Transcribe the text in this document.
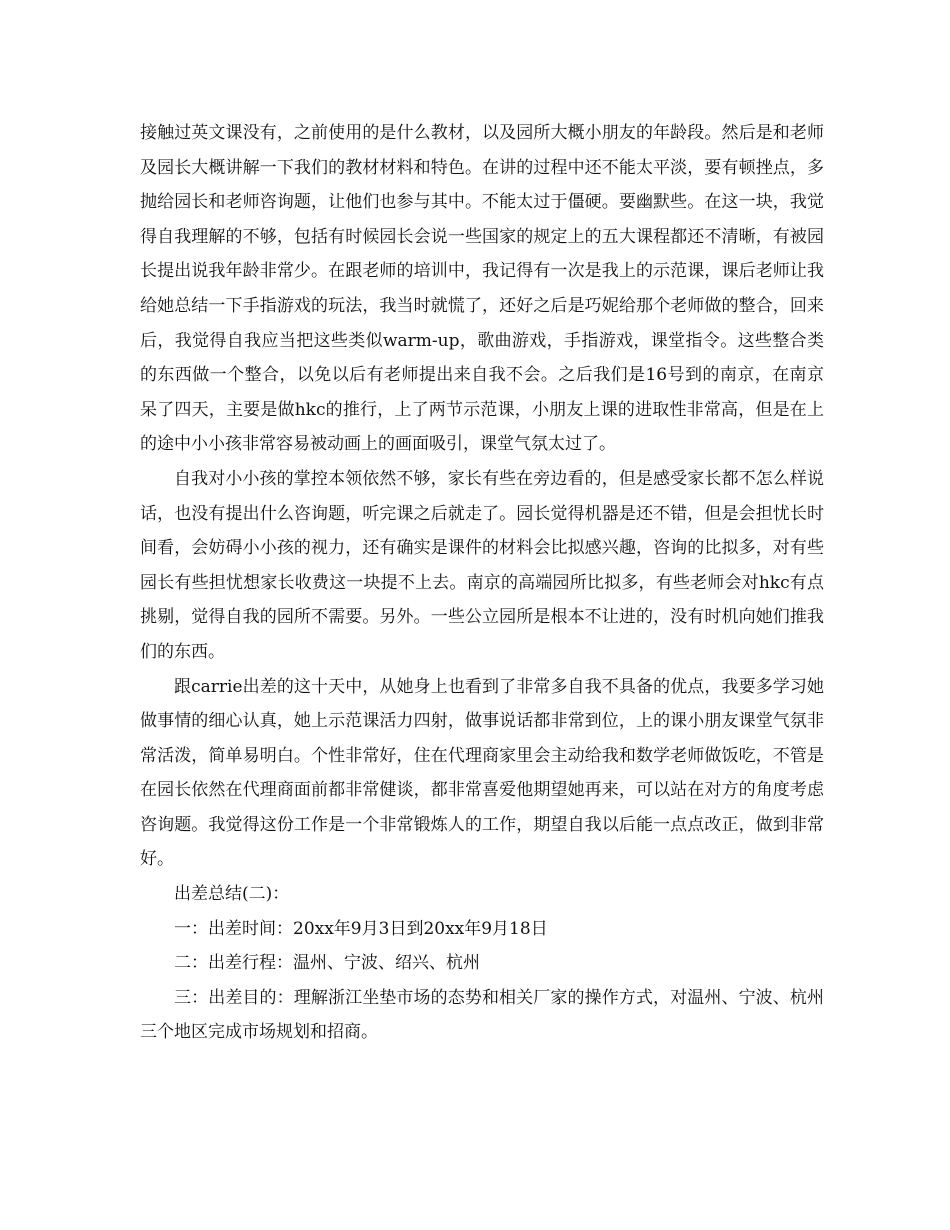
接触过英文课没有，之前使用的是什么教材，以及园所大概小朋友的年龄段。然后是和老师及园长大概讲解一下我们的教材材料和特色。在讲的过程中还不能太平淡，要有顿挫点，多抛给园长和老师咨询题，让他们也参与其中。不能太过于僵硬。要幽默些。在这一块，我觉得自我理解的不够，包括有时候园长会说一些国家的规定上的五大课程都还不清晰，有被园长提出说我年龄非常少。在跟老师的培训中，我记得有一次是我上的示范课，课后老师让我给她总结一下手指游戏的玩法，我当时就慌了，还好之后是巧妮给那个老师做的整合，回来后，我觉得自我应当把这些类似warm-up，歌曲游戏，手指游戏，课堂指令。这些整合类的东西做一个整合，以免以后有老师提出来自我不会。之后我们是16号到的南京，在南京呆了四天，主要是做hkc的推行，上了两节示范课，小朋友上课的进取性非常高，但是在上的途中小小孩非常容易被动画上的画面吸引，课堂气氛太过了。

自我对小小孩的掌控本领依然不够，家长有些在旁边看的，但是感受家长都不怎么样说话，也没有提出什么咨询题，听完课之后就走了。园长觉得机器是还不错，但是会担忧长时间看，会妨碍小小孩的视力，还有确实是课件的材料会比拟感兴趣，咨询的比拟多，对有些园长有些担忧想家长收费这一块提不上去。南京的高端园所比拟多，有些老师会对hkc有点挑剔，觉得自我的园所不需要。另外。一些公立园所是根本不让进的，没有时机向她们推我们的东西。

跟carrie出差的这十天中，从她身上也看到了非常多自我不具备的优点，我要多学习她做事情的细心认真，她上示范课活力四射，做事说话都非常到位，上的课小朋友课堂气氛非常活泼，简单易明白。个性非常好，住在代理商家里会主动给我和数学老师做饭吃，不管是在园长依然在代理商面前都非常健谈，都非常喜爱他期望她再来，可以站在对方的角度考虑咨询题。我觉得这份工作是一个非常锻炼人的工作，期望自我以后能一点点改正，做到非常好。

出差总结(二)：

一：出差时间：20xx年9月3日到20xx年9月18日

二：出差行程：温州、宁波、绍兴、杭州

三：出差目的：理解浙江坐垫市场的态势和相关厂家的操作方式，对温州、宁波、杭州三个地区完成市场规划和招商。
